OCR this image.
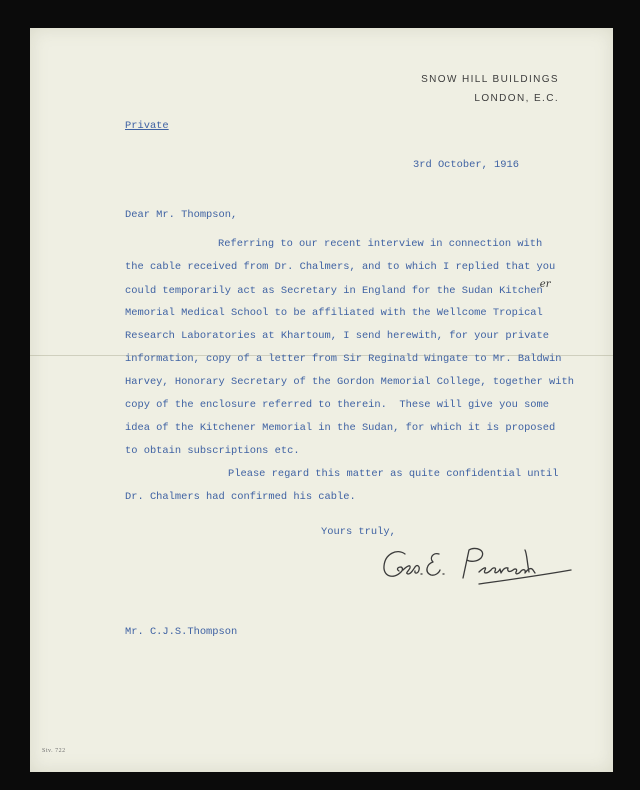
SNOW HILL BUILDINGS
LONDON, E.C.
Private
3rd October, 1916
Dear Mr. Thompson,
Referring to our recent interview in connection with
the cable received from Dr. Chalmers, and to which I replied that you
could temporarily act as Secretary in England for the Sudan Kitchener
Memorial Medical School to be affiliated with the Wellcome Tropical
Research Laboratories at Khartoum, I send herewith, for your private
information, copy of a letter from Sir Reginald Wingate to Mr. Baldwin
Harvey, Honorary Secretary of the Gordon Memorial College, together with
copy of the enclosure referred to therein.  These will give you some
idea of the Kitchener Memorial in the Sudan, for which it is proposed
to obtain subscriptions etc.
Please regard this matter as quite confidential until
Dr. Chalmers had confirmed his cable.
Yours truly,
Mr. C.J.S.Thompson
Stv. 722
